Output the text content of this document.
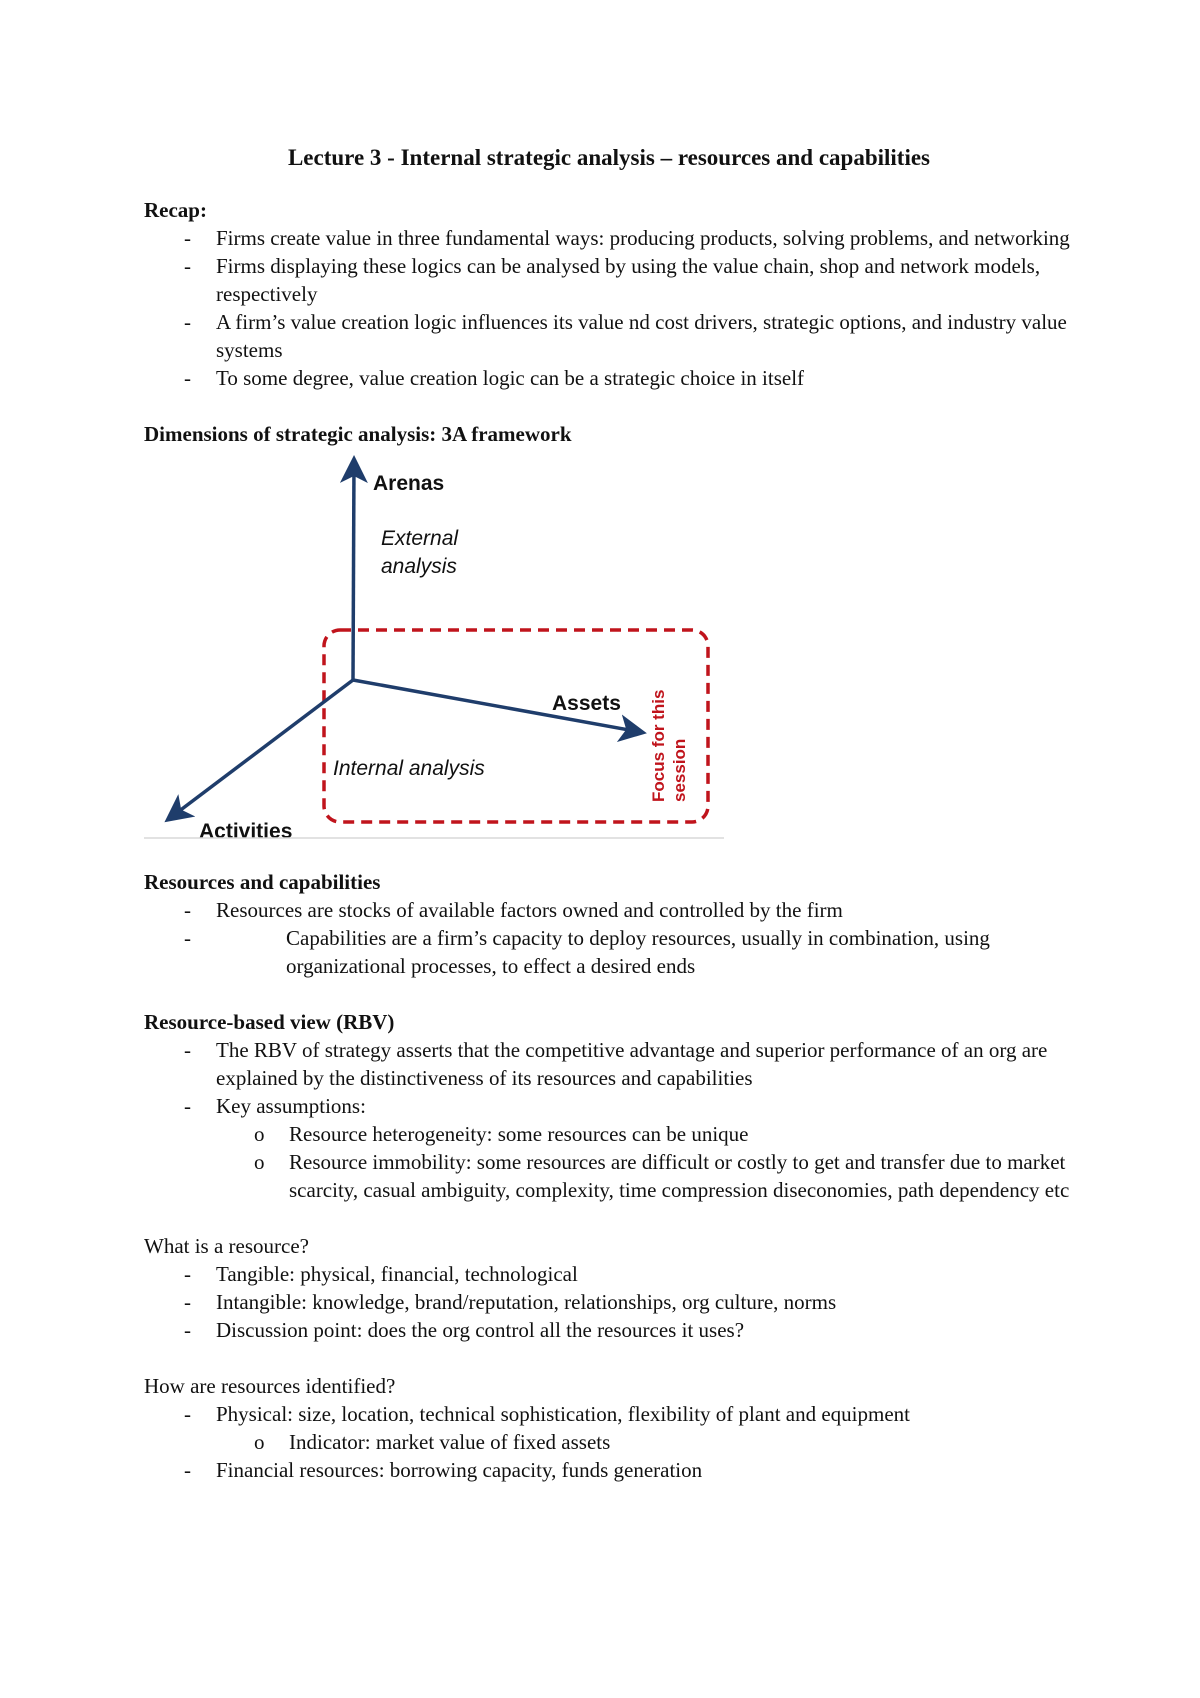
Lecture 3 - Internal strategic analysis – resources and capabilities

Recap:

- Firms create value in three fundamental ways: producing products, solving problems, and networking
- Firms displaying these logics can be analysed by using the value chain, shop and network models, respectively
- A firm’s value creation logic influences its value nd cost drivers, strategic options, and industry value systems
- To some degree, value creation logic can be a strategic choice in itself

Dimensions of strategic analysis: 3A framework

Arenas
External
analysis
Assets
Internal analysis
Activities
Focus for this session

Resources and capabilities

- Resources are stocks of available factors owned and controlled by the firm
- Capabilities are a firm’s capacity to deploy resources, usually in combination, using organizational processes, to effect a desired ends

Resource-based view (RBV)

- The RBV of strategy asserts that the competitive advantage and superior performance of an org are explained by the distinctiveness of its resources and capabilities
- Key assumptions:
o Resource heterogeneity: some resources can be unique
o Resource immobility: some resources are difficult or costly to get and transfer due to market scarcity, casual ambiguity, complexity, time compression diseconomies, path dependency etc

What is a resource?

- Tangible: physical, financial, technological
- Intangible: knowledge, brand/reputation, relationships, org culture, norms
- Discussion point: does the org control all the resources it uses?

How are resources identified?

- Physical: size, location, technical sophistication, flexibility of plant and equipment
o Indicator: market value of fixed assets
- Financial resources: borrowing capacity, funds generation
